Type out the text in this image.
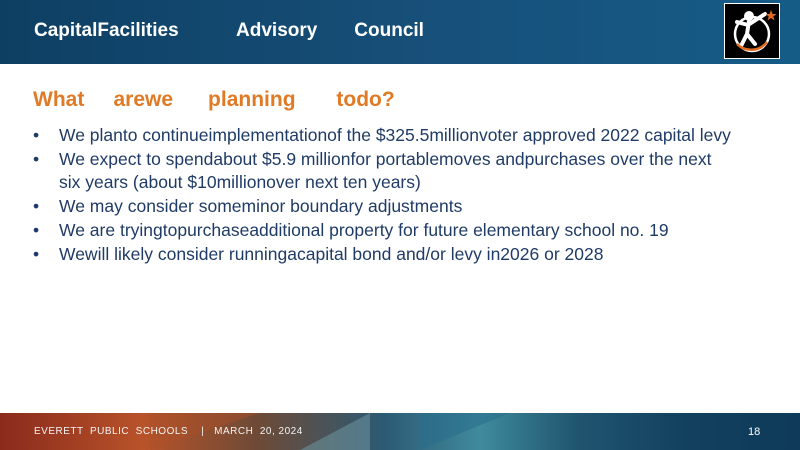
CapitalFacilities           Advisory       Council
What     arewe      planning       todo?
•	We planto continueimplementationof the $325.5millionvoter approved 2022 capital levy
•	We expect to spendabout $5.9 millionfor portablemoves andpurchases over the next six years (about $10millionover next ten years)
•	We may consider someminor boundary adjustments
•	We are tryingtopurchaseadditional property for future elementary school no. 19
•	Wewill likely consider runningacapital bond and/or levy in2026 or 2028
EVERETT  PUBLIC  SCHOOLS    |   MARCH  20, 2024	18
